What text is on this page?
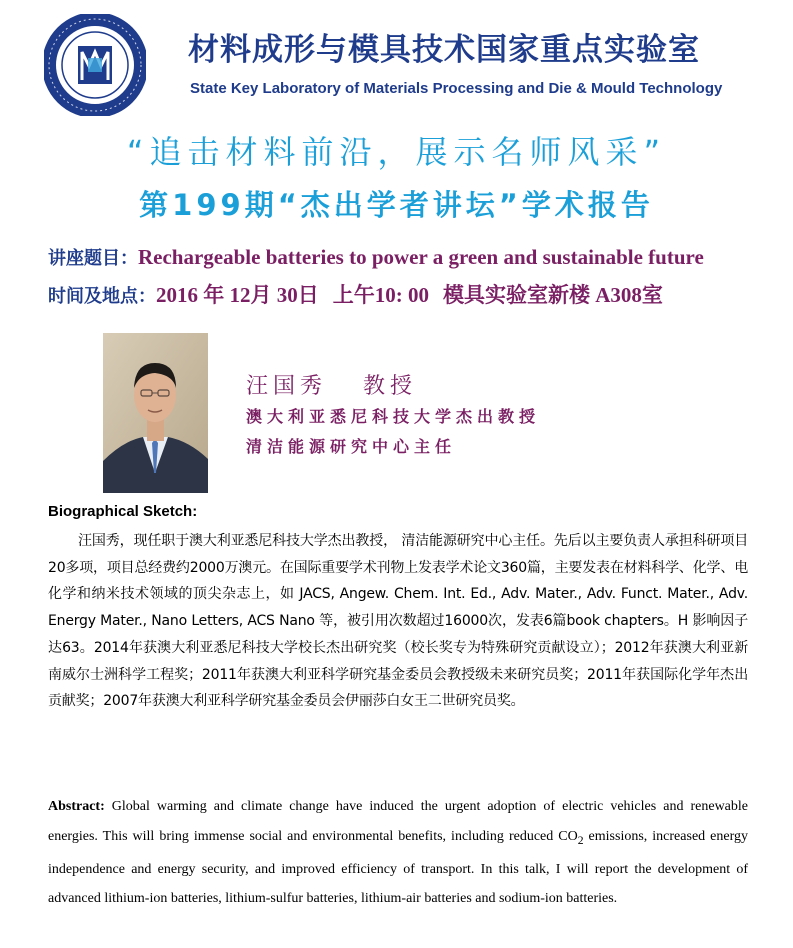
材料成形与模具技术国家重点实验室
State Key Laboratory of Materials Processing and Die & Mould Technology
“追击材料前沿，展示名师风采”
第199期“杰出学者讲坛”学术报告
讲座题目：Rechargeable batteries to power a green and sustainable future
时间及地点：2016 年 12月 30日 上午10: 00 模具实验室新楼 A308室
汪国秀 教授
澳大利亚悉尼科技大学杰出教授
清洁能源研究中心主任
Biographical Sketch:
汪国秀，现任职于澳大利亚悉尼科技大学杰出教授， 清洁能源研究中心主任。先后以主要负责人承担科研项目20多项，项目总经费约2000万澳元。在国际重要学术刊物上发表学术论文360篇，主要发表在材料科学、化学、电化学和纳米技术领域的顶尖杂志上，如 JACS, Angew. Chem. Int. Ed., Adv. Mater., Adv. Funct. Mater., Adv. Energy Mater., Nano Letters, ACS Nano 等，被引用次数超过16000次，发表6篇book chapters。H 影响因子达63。2014年获澳大利亚悉尼科技大学校长杰出研究奖（校长奖专为特殊研究贡献设立）；2012年获澳大利亚新南威尔士洲科学工程奖；2011年获澳大利亚科学研究基金委员会教授级未来研究员奖；2011年获国际化学年杰出贡献奖；2007年获澳大利亚科学研究基金委员会伊丽莎白女王二世研究员奖。
Abstract: Global warming and climate change have induced the urgent adoption of electric vehicles and renewable energies. This will bring immense social and environmental benefits, including reduced $CO_2$ emissions, increased energy independence and energy security, and improved efficiency of transport. In this talk, I will report the development of advanced lithium-ion batteries, lithium-sulfur batteries, lithium-air batteries and sodium-ion batteries.
